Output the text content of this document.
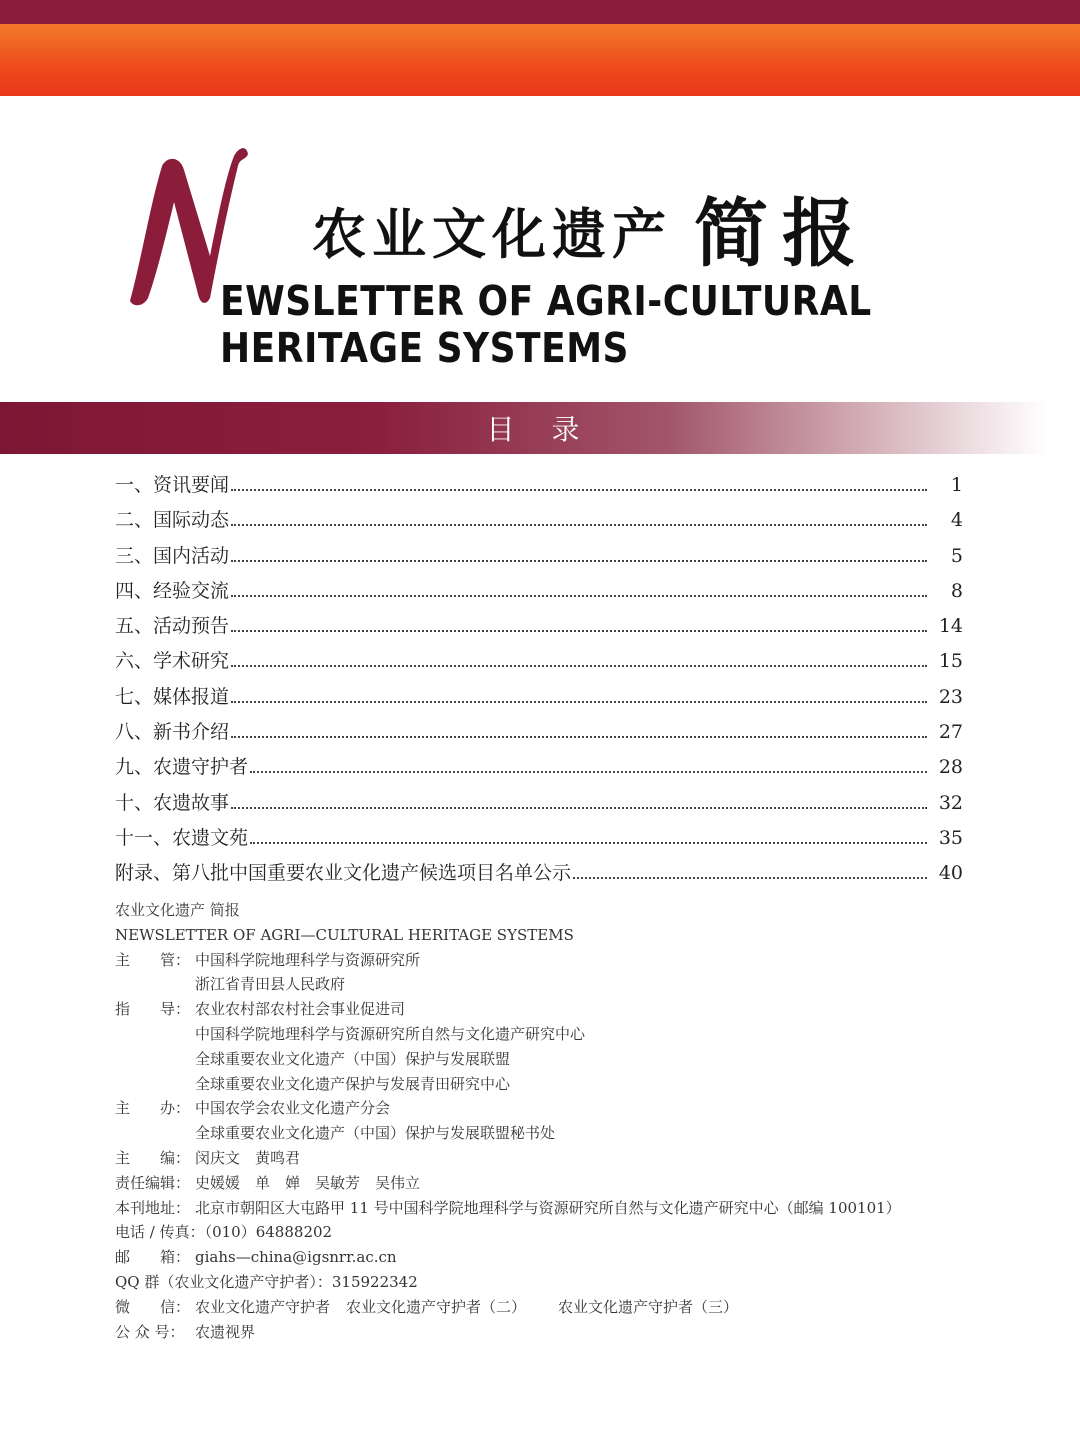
N
农业文化遗产 简报
EWSLETTER OF AGRI-CULTURAL HERITAGE SYSTEMS
目 录
一、资讯要闻	1
二、国际动态	4
三、国内活动	5
四、经验交流	8
五、活动预告	14
六、学术研究	15
七、媒体报道	23
八、新书介绍	27
九、农遗守护者	28
十、农遗故事	32
十一、农遗文苑	35
附录、第八批中国重要农业文化遗产候选项目名单公示	40
农业文化遗产 简报
NEWSLETTER OF AGRI—CULTURAL HERITAGE SYSTEMS
主　　管： 中国科学院地理科学与资源研究所
浙江省青田县人民政府
指　　导： 农业农村部农村社会事业促进司
中国科学院地理科学与资源研究所自然与文化遗产研究中心
全球重要农业文化遗产（中国）保护与发展联盟
全球重要农业文化遗产保护与发展青田研究中心
主　　办： 中国农学会农业文化遗产分会
全球重要农业文化遗产（中国）保护与发展联盟秘书处
主　　编： 闵庆文　黄鸣君
责任编辑： 史媛媛　单　婵　吴敏芳　吴伟立
本刊地址： 北京市朝阳区大屯路甲 11 号中国科学院地理科学与资源研究所自然与文化遗产研究中心（邮编 100101）
电话 / 传真：（010）64888202
邮　　箱： giahs—china@igsnrr.ac.cn
QQ 群（农业文化遗产守护者）：315922342
微　　信： 农业文化遗产守护者 农业文化遗产守护者（二） 农业文化遗产守护者（三）
公 众 号： 农遗视界
